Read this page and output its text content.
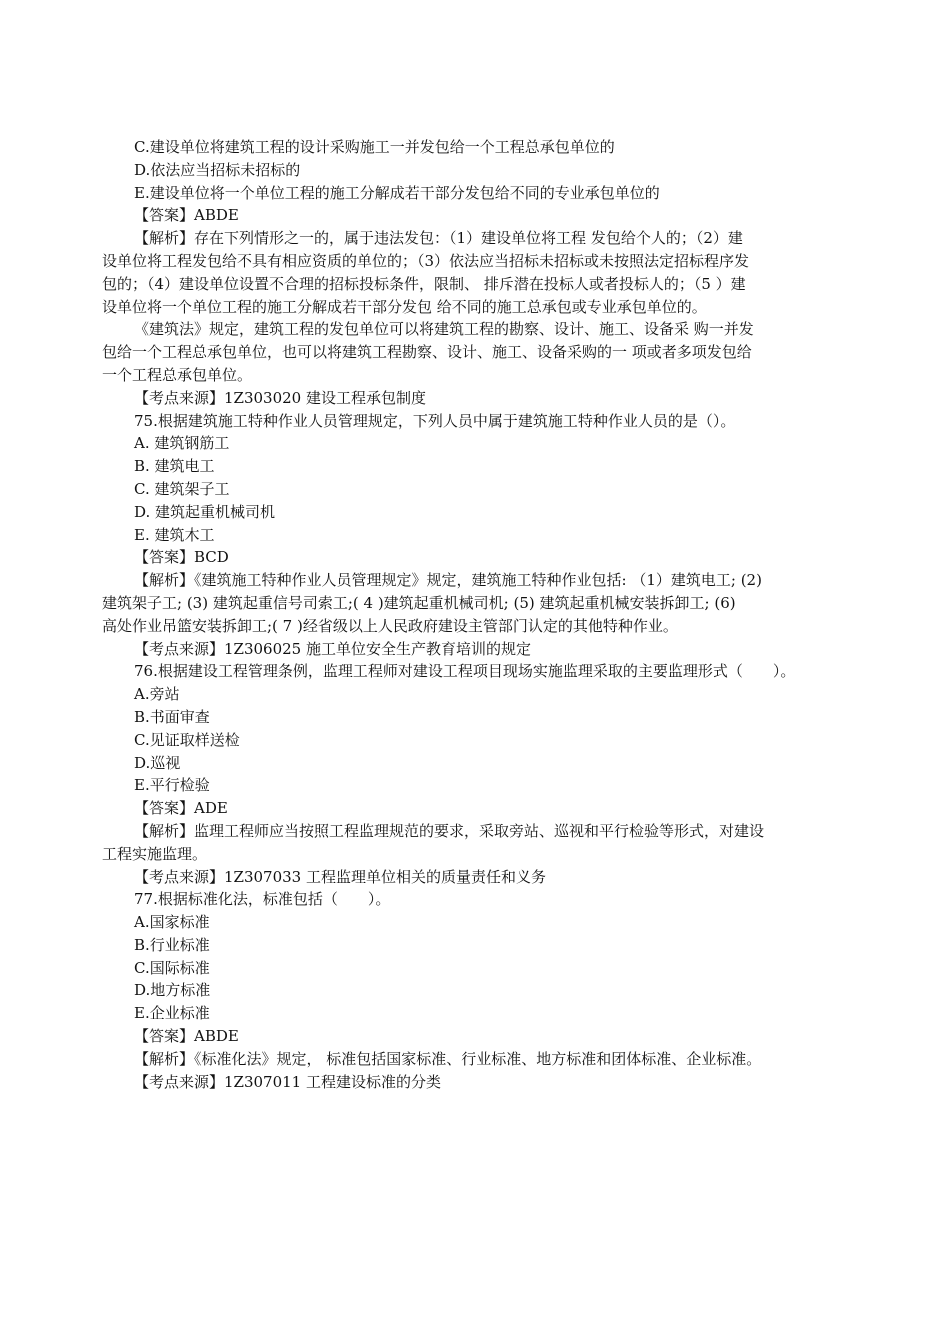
C.建设单位将建筑工程的设计采购施工一并发包给一个工程总承包单位的
D.依法应当招标未招标的
E.建设单位将一个单位工程的施工分解成若干部分发包给不同的专业承包单位的
【答案】ABDE
【解析】存在下列情形之一的，属于违法发包：（1）建设单位将工程 发包给个人的；（2）建
设单位将工程发包给不具有相应资质的单位的；（3）依法应当招标未招标或未按照法定招标程序发
包的；（4）建设单位设置不合理的招标投标条件，限制、 排斥潜在投标人或者投标人的；（5 ）建
设单位将一个单位工程的施工分解成若干部分发包 给不同的施工总承包或专业承包单位的。
《建筑法》规定，建筑工程的发包单位可以将建筑工程的勘察、设计、施工、设备采 购一并发
包给一个工程总承包单位，也可以将建筑工程勘察、设计、施工、设备采购的一 项或者多项发包给
一个工程总承包单位。
【考点来源】1Z303020 建设工程承包制度
75.根据建筑施工特种作业人员管理规定，下列人员中属于建筑施工特种作业人员的是（）。
A. 建筑钢筋工
B. 建筑电工
C. 建筑架子工
D. 建筑起重机械司机
E. 建筑木工
【答案】BCD
【解析】《建筑施工特种作业人员管理规定》规定，建筑施工特种作业包括: （1）建筑电工; (2)
建筑架子工; (3) 建筑起重信号司索工;( 4 )建筑起重机械司机; (5) 建筑起重机械安装拆卸工; (6)
高处作业吊篮安装拆卸工;( 7 )经省级以上人民政府建设主管部门认定的其他特种作业。
【考点来源】1Z306025 施工单位安全生产教育培训的规定
76.根据建设工程管理条例，监理工程师对建设工程项目现场实施监理采取的主要监理形式（　　）。
A.旁站
B.书面审查
C.见证取样送检
D.巡视
E.平行检验
【答案】ADE
【解析】监理工程师应当按照工程监理规范的要求，采取旁站、巡视和平行检验等形式，对建设
工程实施监理。
【考点来源】1Z307033 工程监理单位相关的质量责任和义务
77.根据标准化法，标准包括（　　）。
A.国家标准
B.行业标准
C.国际标准
D.地方标准
E.企业标准
【答案】ABDE
【解析】《标准化法》规定， 标准包括国家标准、行业标准、地方标准和团体标准、企业标准。
【考点来源】1Z307011 工程建设标准的分类
